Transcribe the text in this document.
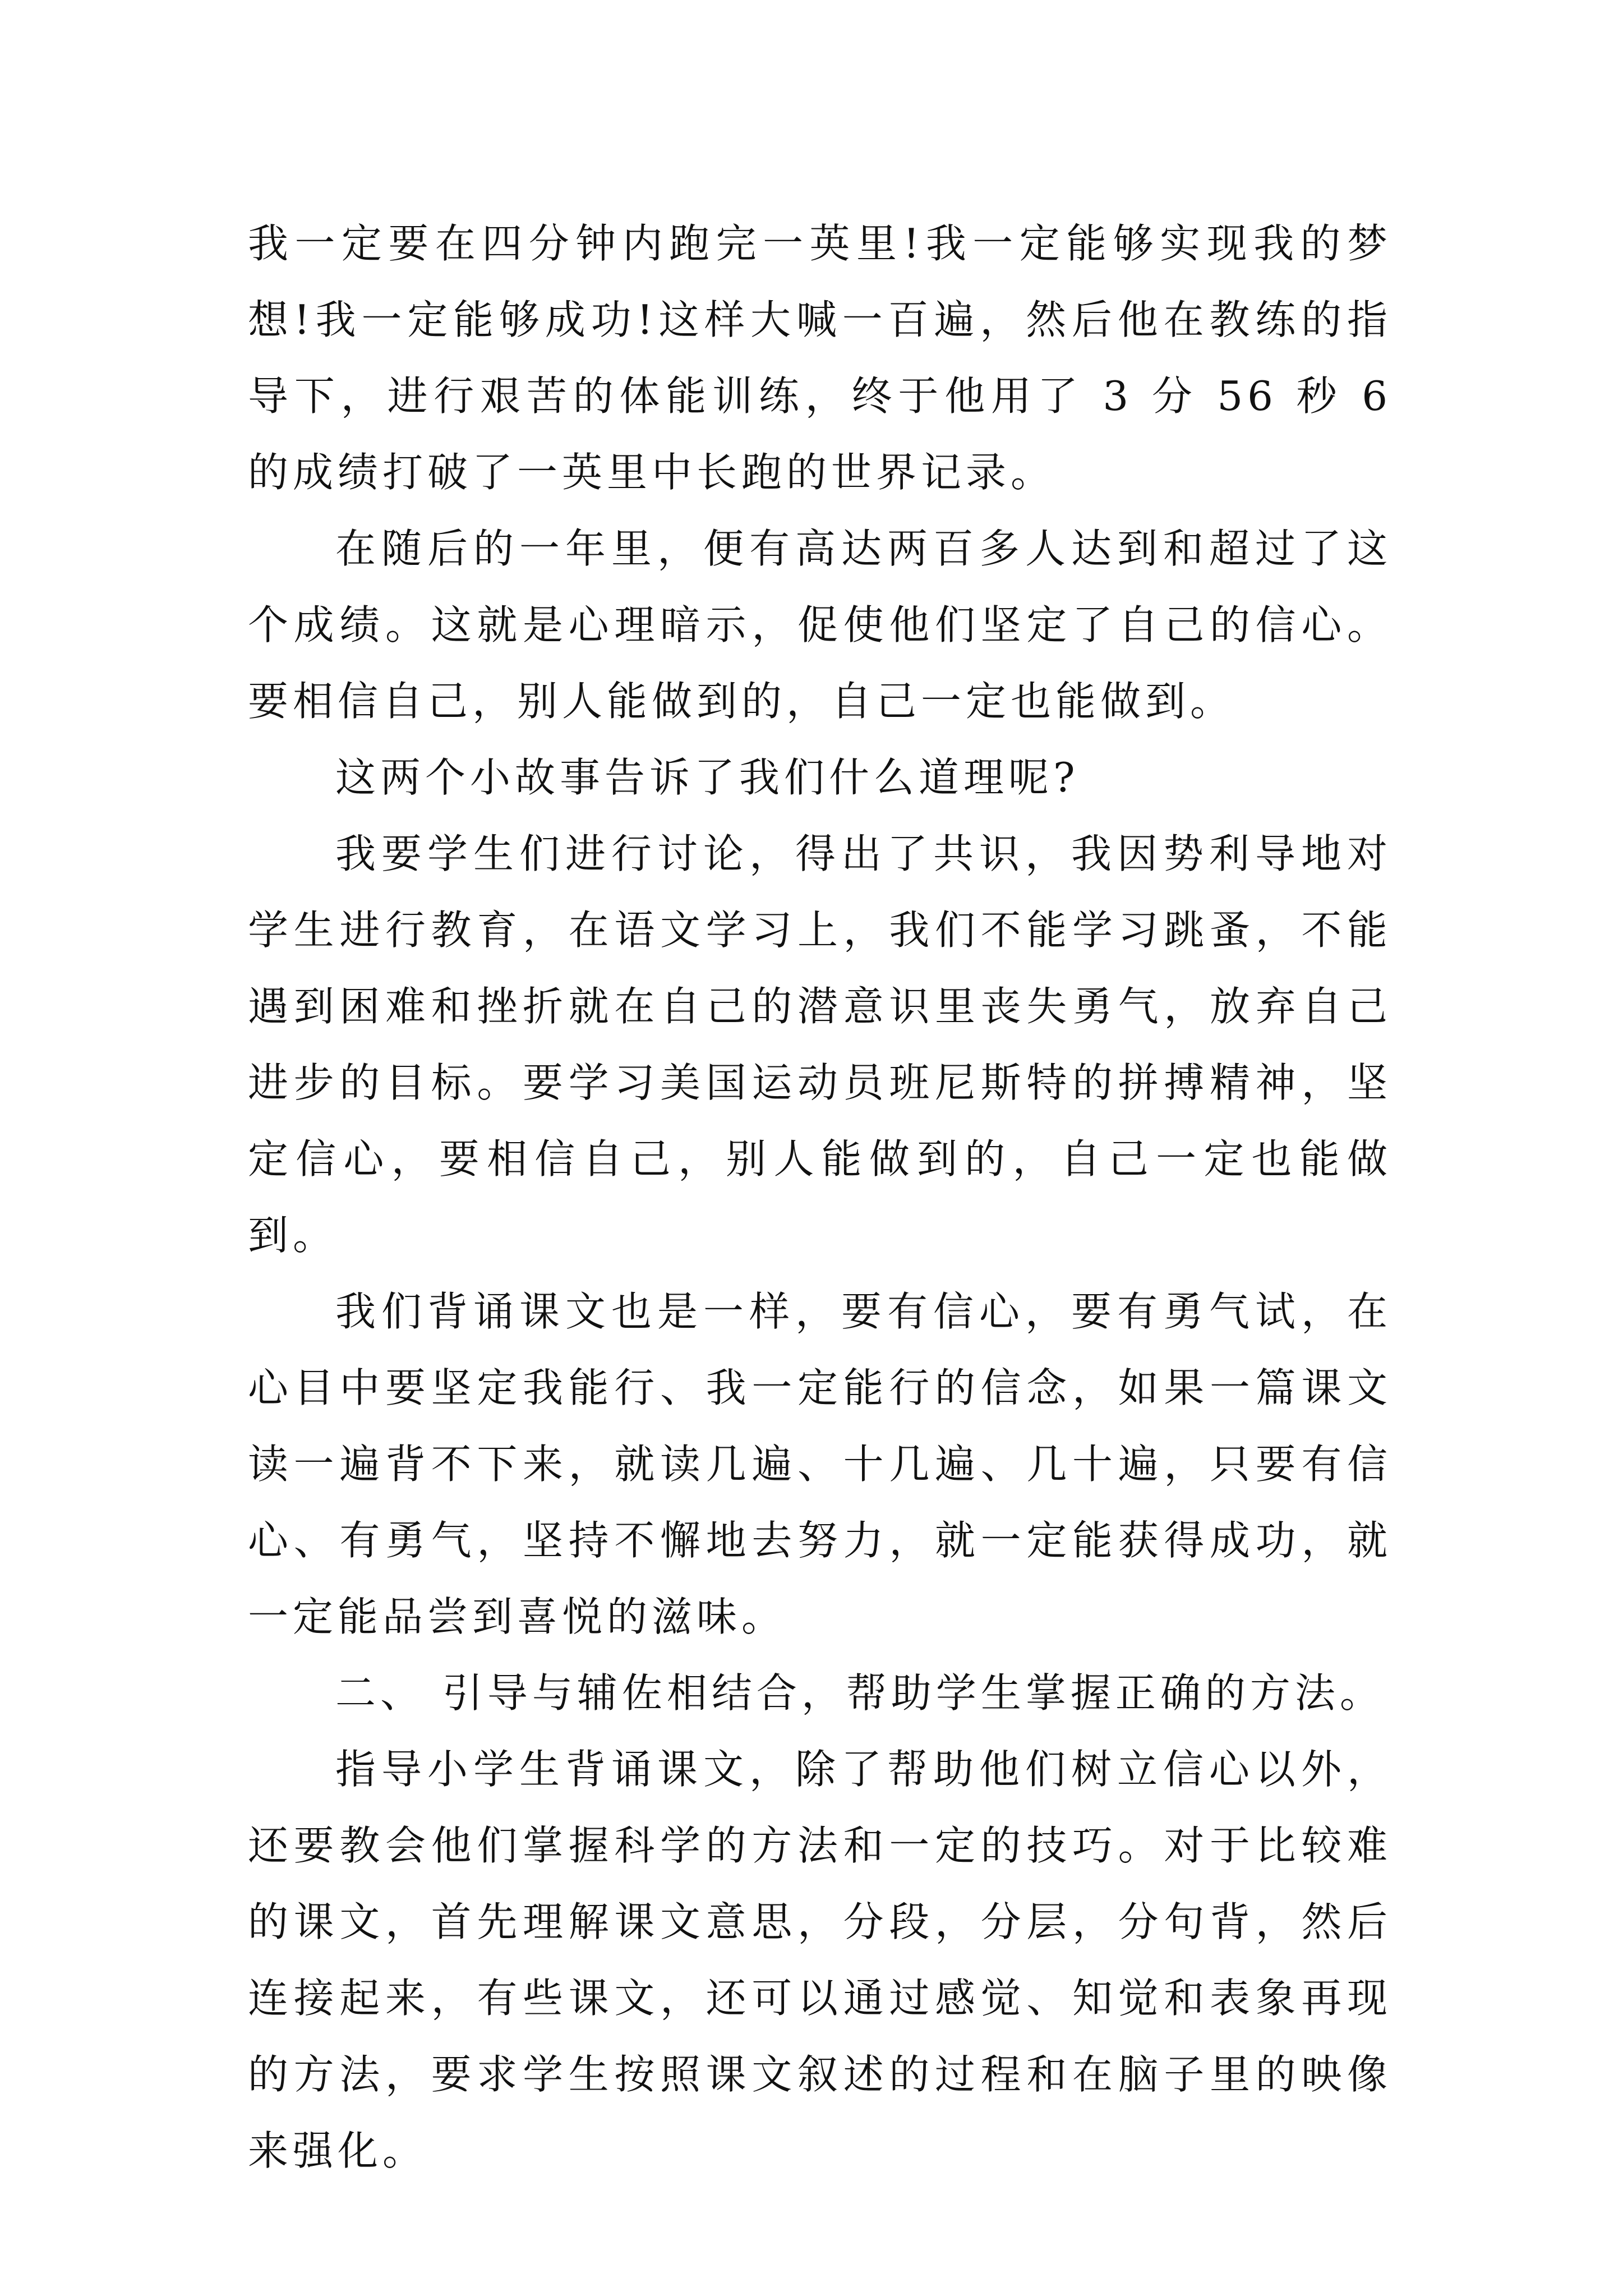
我一定要在四分钟内跑完一英里!我一定能够实现我的梦想!我一定能够成功!这样大喊一百遍，然后他在教练的指导下，进行艰苦的体能训练，终于他用了 3 分 56 秒 6 的成绩打破了一英里中长跑的世界记录。

在随后的一年里，便有高达两百多人达到和超过了这个成绩。这就是心理暗示，促使他们坚定了自己的信心。要相信自己，别人能做到的，自己一定也能做到。

这两个小故事告诉了我们什么道理呢?

我要学生们进行讨论，得出了共识，我因势利导地对学生进行教育，在语文学习上，我们不能学习跳蚤，不能遇到困难和挫折就在自己的潜意识里丧失勇气，放弃自己进步的目标。要学习美国运动员班尼斯特的拼搏精神，坚定信心，要相信自己，别人能做到的，自己一定也能做到。

我们背诵课文也是一样，要有信心，要有勇气试，在心目中要坚定我能行、我一定能行的信念，如果一篇课文读一遍背不下来，就读几遍、十几遍、几十遍，只要有信心、有勇气，坚持不懈地去努力，就一定能获得成功，就一定能品尝到喜悦的滋味。

二、 引导与辅佐相结合，帮助学生掌握正确的方法。

指导小学生背诵课文，除了帮助他们树立信心以外，还要教会他们掌握科学的方法和一定的技巧。对于比较难的课文，首先理解课文意思，分段，分层，分句背，然后连接起来，有些课文，还可以通过感觉、知觉和表象再现的方法，要求学生按照课文叙述的过程和在脑子里的映像来强化。
